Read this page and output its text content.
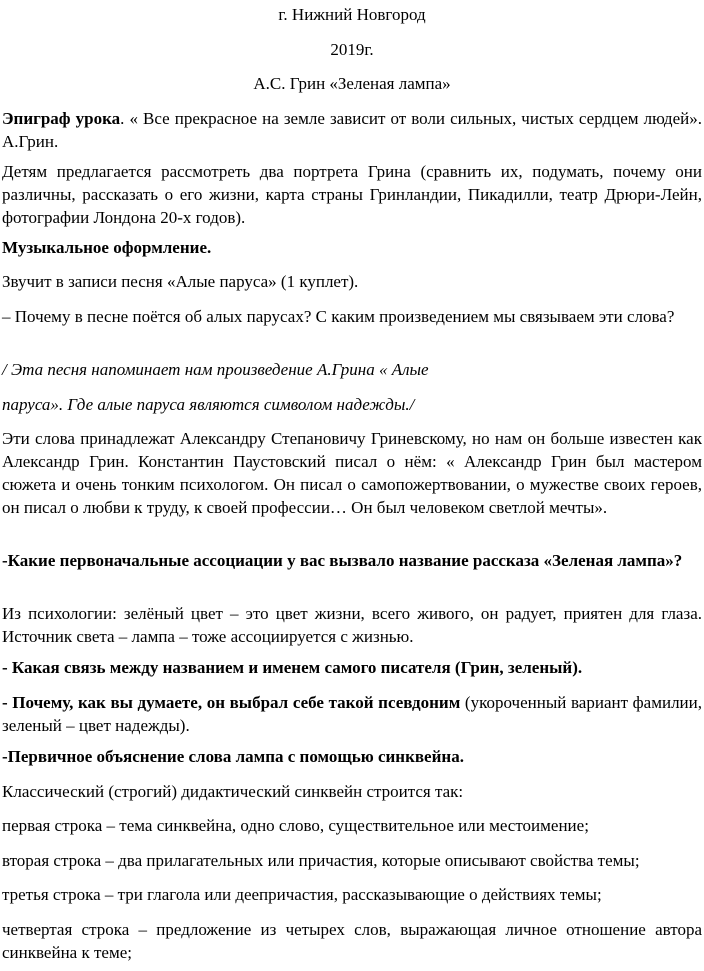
г. Нижний Новгород

2019г.

А.С. Грин «Зеленая лампа»

Эпиграф урока. « Все прекрасное на земле зависит от воли сильных, чистых сердцем людей». А.Грин.

Детям предлагается рассмотреть два портрета Грина (сравнить их, подумать, почему они различны, рассказать о его жизни, карта страны Гринландии, Пикадилли, театр Дрюри-Лейн, фотографии Лондона 20-х годов).

Музыкальное оформление.

Звучит в записи песня «Алые паруса» (1 куплет).

– Почему в песне поётся об алых парусах? С каким произведением мы связываем эти слова?

/ Эта песня напоминает нам произведение А.Грина « Алые

паруса». Где алые паруса являются символом надежды./

Эти слова принадлежат Александру Степановичу Гриневскому, но нам он больше известен как Александр Грин. Константин Паустовский писал о нём: « Александр Грин был мастером сюжета и очень тонким психологом. Он писал о самопожертвовании, о мужестве своих героев, он писал о любви к труду, к своей профессии… Он был человеком светлой мечты».

-Какие первоначальные ассоциации у вас вызвало название рассказа «Зеленая лампа»?

Из психологии: зелёный цвет – это цвет жизни, всего живого, он радует, приятен для глаза. Источник света – лампа – тоже ассоциируется с жизнью.

- Какая связь между названием и именем самого писателя (Грин, зеленый).

- Почему, как вы думаете, он выбрал себе такой псевдоним (укороченный вариант фамилии, зеленый – цвет надежды).

-Первичное объяснение слова лампа с помощью синквейна.

Классический (строгий) дидактический синквейн строится так:

первая строка – тема синквейна, одно слово, существительное или местоимение;

вторая строка – два прилагательных или причастия, которые описывают свойства темы;

третья строка – три глагола или деепричастия, рассказывающие о действиях темы;

четвертая строка – предложение из четырех слов, выражающая личное отношение автора синквейна к теме;
